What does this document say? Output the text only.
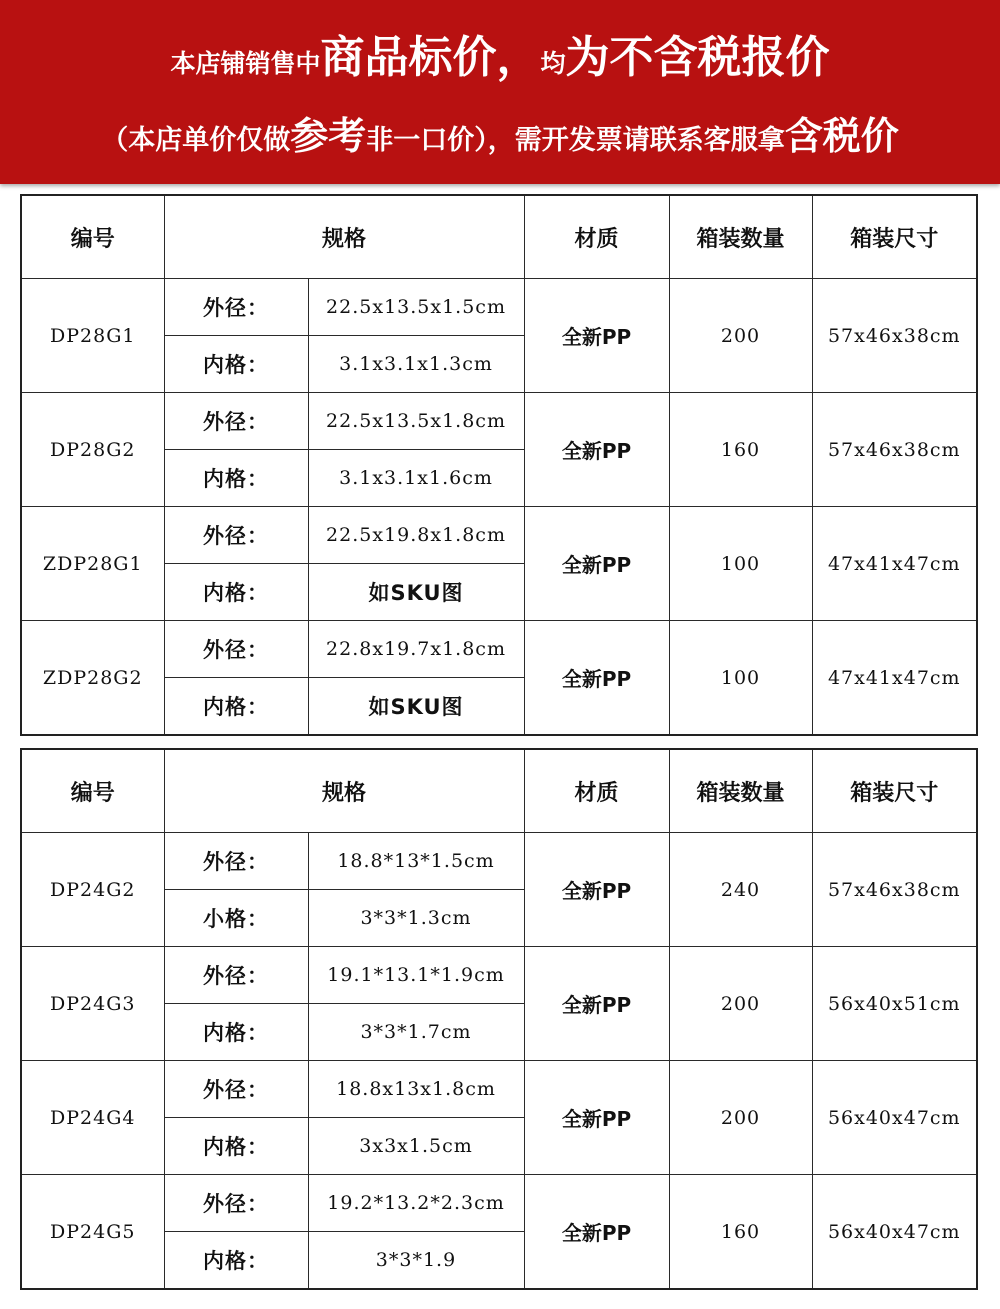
本店铺销售中商品标价，均为不含税报价
（本店单价仅做参考非一口价），需开发票请联系客服拿含税价
编号	规格		材质	箱装数量	箱装尺寸
DP28G1	外径：	22.5x13.5x1.5cm	全新PP	200	57x46x38cm
	内格：	3.1x3.1x1.3cm			
DP28G2	外径：	22.5x13.5x1.8cm	全新PP	160	57x46x38cm
	内格：	3.1x3.1x1.6cm			
ZDP28G1	外径：	22.5x19.8x1.8cm	全新PP	100	47x41x47cm
	内格：	如SKU图			
ZDP28G2	外径：	22.8x19.7x1.8cm	全新PP	100	47x41x47cm
	内格：	如SKU图			
编号	规格		材质	箱装数量	箱装尺寸
DP24G2	外径：	18.8*13*1.5cm	全新PP	240	57x46x38cm
	小格：	3*3*1.3cm			
DP24G3	外径：	19.1*13.1*1.9cm	全新PP	200	56x40x51cm
	内格：	3*3*1.7cm			
DP24G4	外径：	18.8x13x1.8cm	全新PP	200	56x40x47cm
	内格：	3x3x1.5cm			
DP24G5	外径：	19.2*13.2*2.3cm	全新PP	160	56x40x47cm
	内格：	3*3*1.9			
